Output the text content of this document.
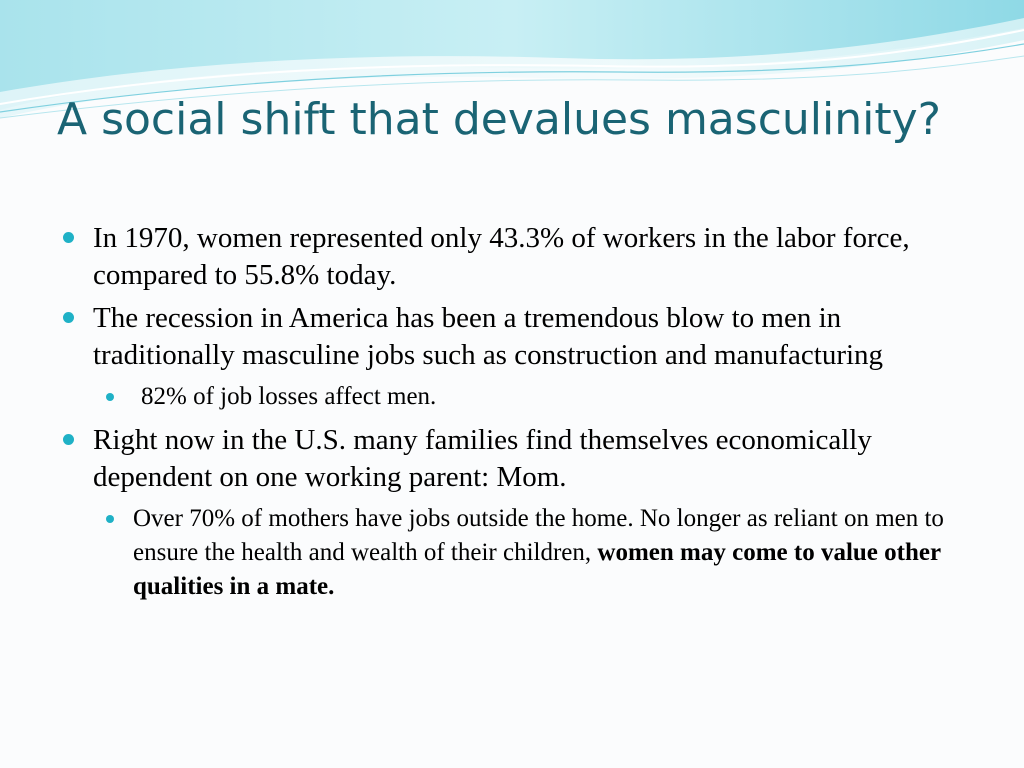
A social shift that devalues masculinity?
In 1970, women represented only 43.3% of workers in the labor force, compared to 55.8% today.
The recession in America has been a tremendous blow to men in traditionally masculine jobs such as construction and manufacturing
82% of job losses affect men.
Right now in the U.S. many families find themselves economically dependent on one working parent: Mom.
Over 70% of mothers have jobs outside the home. No longer as reliant on men to ensure the health and wealth of their children, women may come to value other qualities in a mate.
